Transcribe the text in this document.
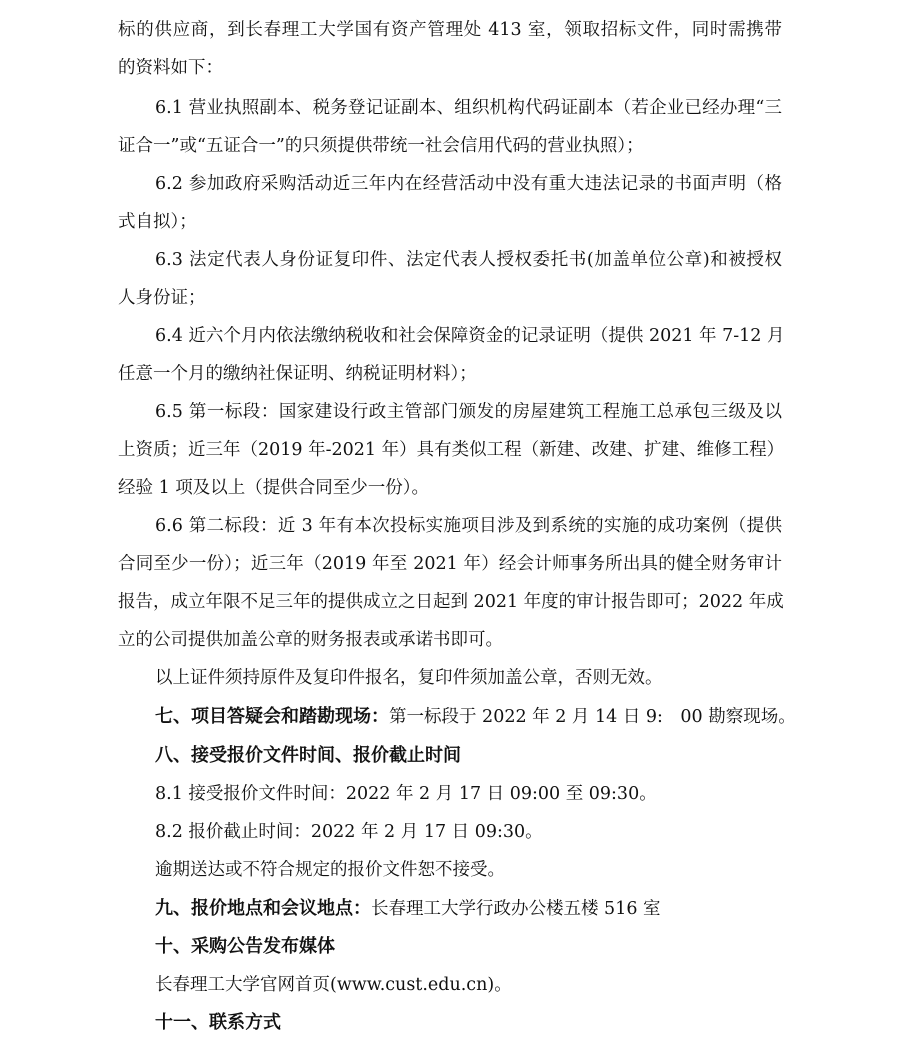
标的供应商，到长春理工大学国有资产管理处 413 室，领取招标文件，同时需携带
的资料如下：
6.1 营业执照副本、税务登记证副本、组织机构代码证副本（若企业已经办理“三
证合一”或“五证合一”的只须提供带统一社会信用代码的营业执照）；
6.2 参加政府采购活动近三年内在经营活动中没有重大违法记录的书面声明（格
式自拟）；
6.3 法定代表人身份证复印件、法定代表人授权委托书(加盖单位公章)和被授权
人身份证；
6.4 近六个月内依法缴纳税收和社会保障资金的记录证明（提供 2021 年 7-12 月
任意一个月的缴纳社保证明、纳税证明材料）；
6.5 第一标段：国家建设行政主管部门颁发的房屋建筑工程施工总承包三级及以
上资质；近三年（2019 年-2021 年）具有类似工程（新建、改建、扩建、维修工程）
经验 1 项及以上（提供合同至少一份）。
6.6 第二标段：近 3 年有本次投标实施项目涉及到系统的实施的成功案例（提供
合同至少一份）；近三年（2019 年至 2021 年）经会计师事务所出具的健全财务审计
报告，成立年限不足三年的提供成立之日起到 2021 年度的审计报告即可；2022 年成
立的公司提供加盖公章的财务报表或承诺书即可。
以上证件须持原件及复印件报名，复印件须加盖公章，否则无效。
七、项目答疑会和踏勘现场：第一标段于 2022 年 2 月 14 日 9:　00 勘察现场。
八、接受报价文件时间、报价截止时间
8.1 接受报价文件时间：2022 年 2 月 17 日 09:00 至 09:30。
8.2 报价截止时间：2022 年 2 月 17 日 09:30。
逾期送达或不符合规定的报价文件恕不接受。
九、报价地点和会议地点：长春理工大学行政办公楼五楼 516 室
十、采购公告发布媒体
长春理工大学官网首页(www.cust.edu.cn)。
十一、联系方式
